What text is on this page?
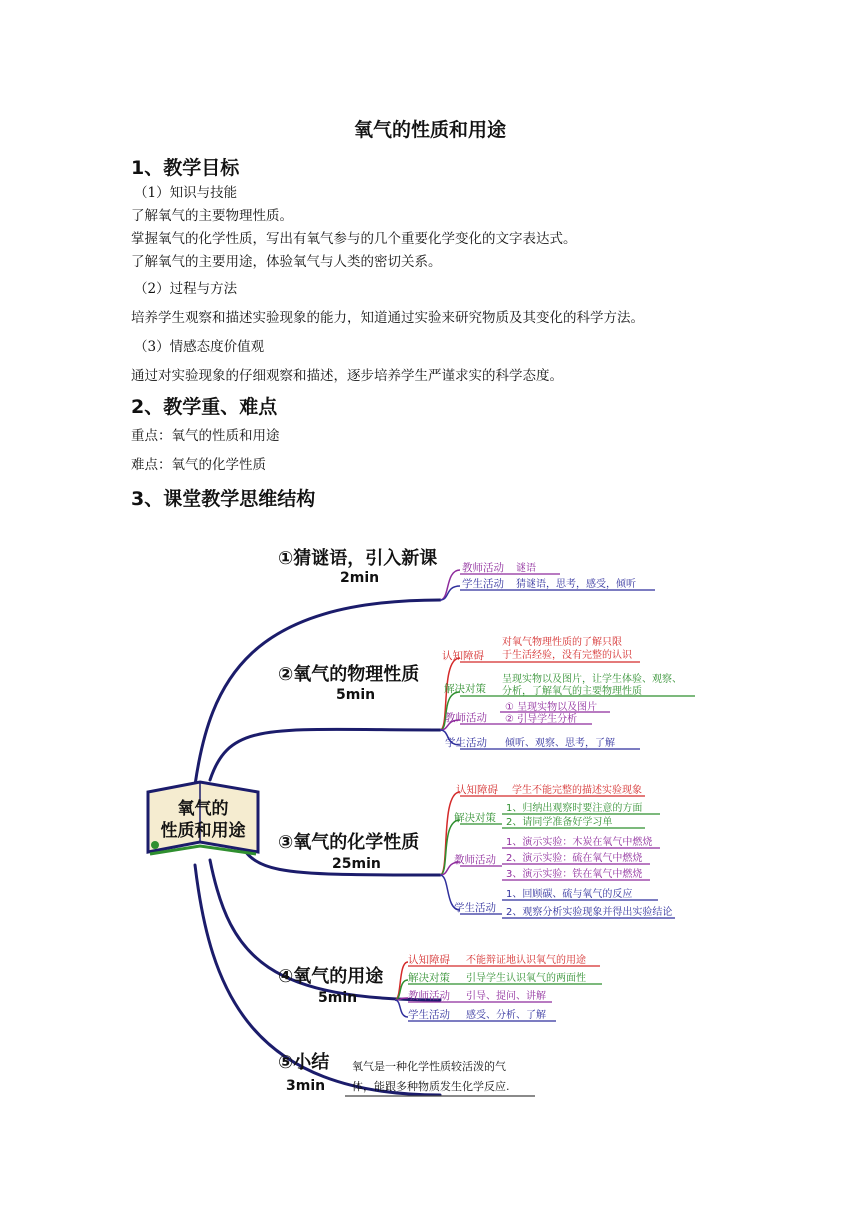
氧气的性质和用途
1、教学目标
（1）知识与技能
了解氧气的主要物理性质。
掌握氧气的化学性质，写出有氧气参与的几个重要化学变化的文字表达式。
了解氧气的主要用途，体验氧气与人类的密切关系。
（2）过程与方法
培养学生观察和描述实验现象的能力，知道通过实验来研究物质及其变化的科学方法。
（3）情感态度价值观
通过对实验现象的仔细观察和描述，逐步培养学生严谨求实的科学态度。
2、教学重、难点
重点：氧气的性质和用途
难点：氧气的化学性质
3、课堂教学思维结构
氧气的
性质和用途
①猜谜语，引入新课
2min
教师活动 谜语
学生活动 猜谜语，思考，感受，倾听
②氧气的物理性质
5min
认知障碍
对氧气物理性质的了解只限
于生活经验，没有完整的认识
解决对策
呈现实物以及图片，让学生体验、观察、
分析，了解氧气的主要物理性质
教师活动
① 呈现实物以及图片
② 引导学生分析
学生活动 倾听、观察、思考，了解
③氧气的化学性质
25min
认知障碍 学生不能完整的描述实验现象
解决对策
1、归纳出观察时要注意的方面
2、请同学准备好学习单
教师活动
1、演示实验：木炭在氧气中燃烧
2、演示实验：硫在氧气中燃烧
3、演示实验：铁在氧气中燃烧
学生活动
1、回顾碳、硫与氧气的反应
2、观察分析实验现象并得出实验结论
④氧气的用途
5min
认知障碍 不能辩证地认识氧气的用途
解决对策 引导学生认识氧气的两面性
教师活动 引导、提问、讲解
学生活动 感受、分析、了解
⑤小结
3min
氧气是一种化学性质较活泼的气
体，能跟多种物质发生化学反应.
